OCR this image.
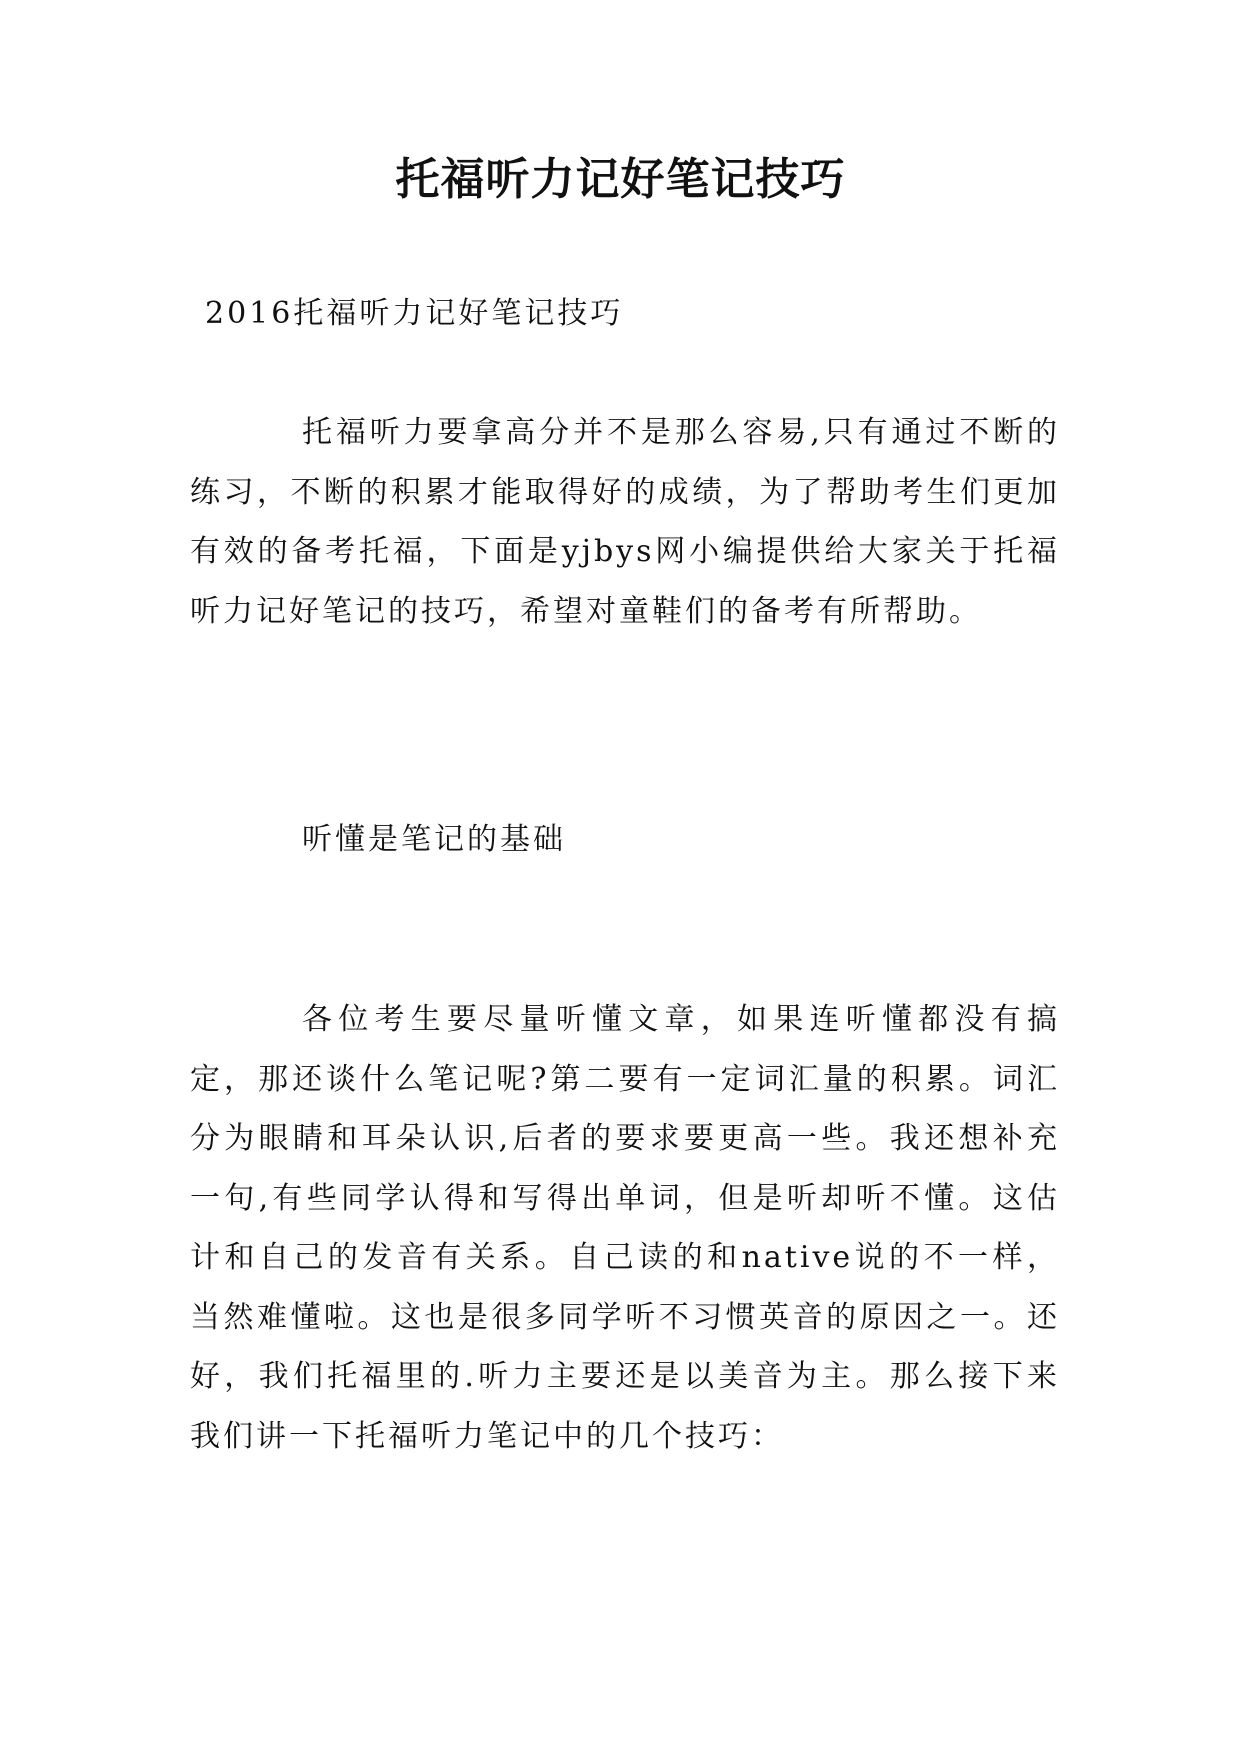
托福听力记好笔记技巧
2016托福听力记好笔记技巧
托福听力要拿高分并不是那么容易,只有通过不断的练习，不断的积累才能取得好的成绩，为了帮助考生们更加有效的备考托福，下面是yjbys网小编提供给大家关于托福听力记好笔记的技巧，希望对童鞋们的备考有所帮助。
听懂是笔记的基础
各位考生要尽量听懂文章，如果连听懂都没有搞定，那还谈什么笔记呢?第二要有一定词汇量的积累。词汇分为眼睛和耳朵认识,后者的要求要更高一些。我还想补充一句,有些同学认得和写得出单词，但是听却听不懂。这估计和自己的发音有关系。自己读的和native说的不一样，当然难懂啦。这也是很多同学听不习惯英音的原因之一。还好，我们托福里的.听力主要还是以美音为主。那么接下来我们讲一下托福听力笔记中的几个技巧：
